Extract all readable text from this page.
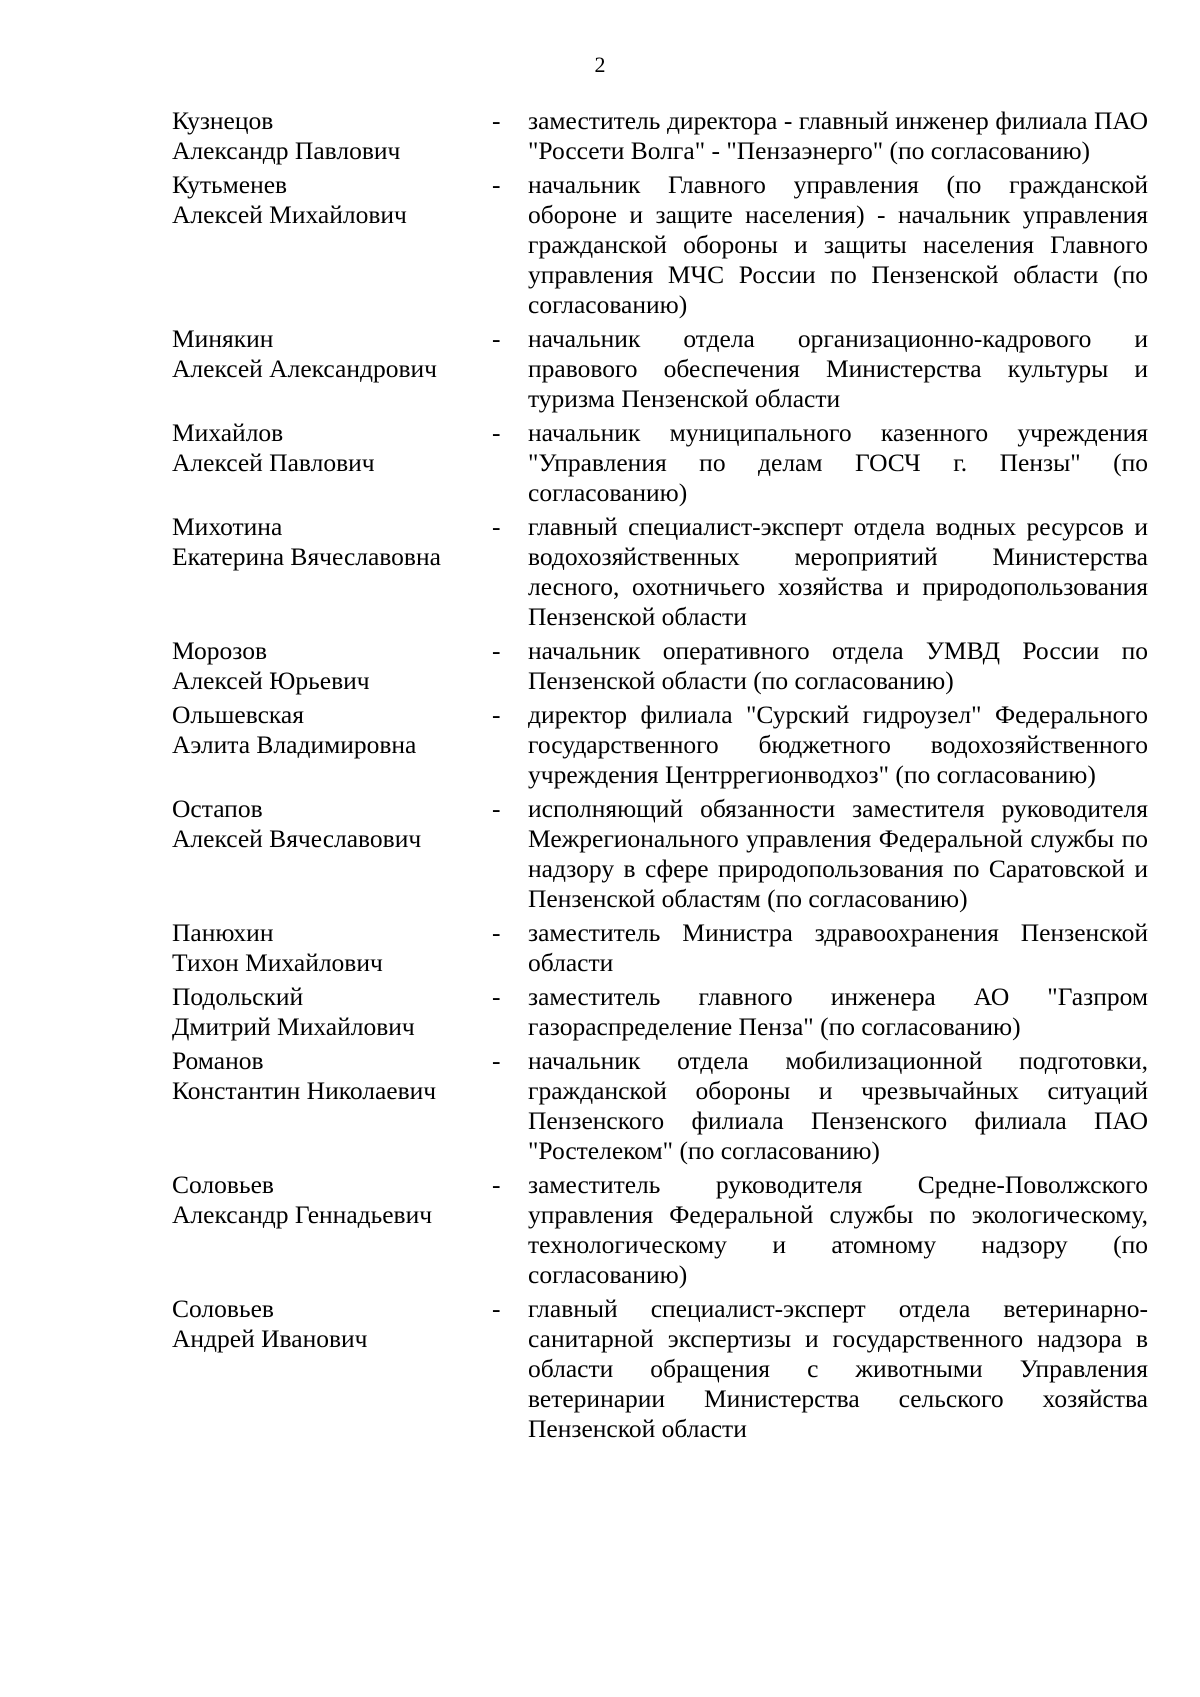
2
Кузнецов
Александр Павлович
-	заместитель директора - главный инженер филиала ПАО "Россети Волга" - "Пензаэнерго" (по согласованию)
Кутьменев
Алексей Михайлович
-	начальник Главного управления (по гражданской обороне и защите населения) - начальник управления гражданской обороны и защиты населения Главного управления МЧС России по Пензенской области (по согласованию)
Минякин
Алексей Александрович
-	начальник отдела организационно-кадрового и правового обеспечения Министерства культуры и туризма Пензенской области
Михайлов
Алексей Павлович
-	начальник муниципального казенного учреждения "Управления по делам ГОСЧ г. Пензы" (по согласованию)
Михотина
Екатерина Вячеславовна
-	главный специалист-эксперт отдела водных ресурсов и водохозяйственных мероприятий Министерства лесного, охотничьего хозяйства и природопользования Пензенской области
Морозов
Алексей Юрьевич
-	начальник оперативного отдела УМВД России по Пензенской области (по согласованию)
Ольшевская
Аэлита Владимировна
-	директор филиала "Сурский гидроузел" Федерального государственного бюджетного водохозяйственного учреждения Центррегионводхоз" (по согласованию)
Остапов
Алексей Вячеславович
-	исполняющий обязанности заместителя руководителя Межрегионального управления Федеральной службы по надзору в сфере природопользования по Саратовской и Пензенской областям (по согласованию)
Панюхин
Тихон Михайлович
-	заместитель Министра здравоохранения Пензенской области
Подольский
Дмитрий Михайлович
-	заместитель главного инженера АО "Газпром газораспределение Пенза" (по согласованию)
Романов
Константин Николаевич
-	начальник отдела мобилизационной подготовки, гражданской обороны и чрезвычайных ситуаций Пензенского филиала Пензенского филиала ПАО "Ростелеком" (по согласованию)
Соловьев
Александр Геннадьевич
-	заместитель руководителя Средне-Поволжского управления Федеральной службы по экологическому, технологическому и атомному надзору (по согласованию)
Соловьев
Андрей Иванович
-	главный специалист-эксперт отдела ветеринарно-санитарной экспертизы и государственного надзора в области обращения с животными Управления ветеринарии Министерства сельского хозяйства Пензенской области
